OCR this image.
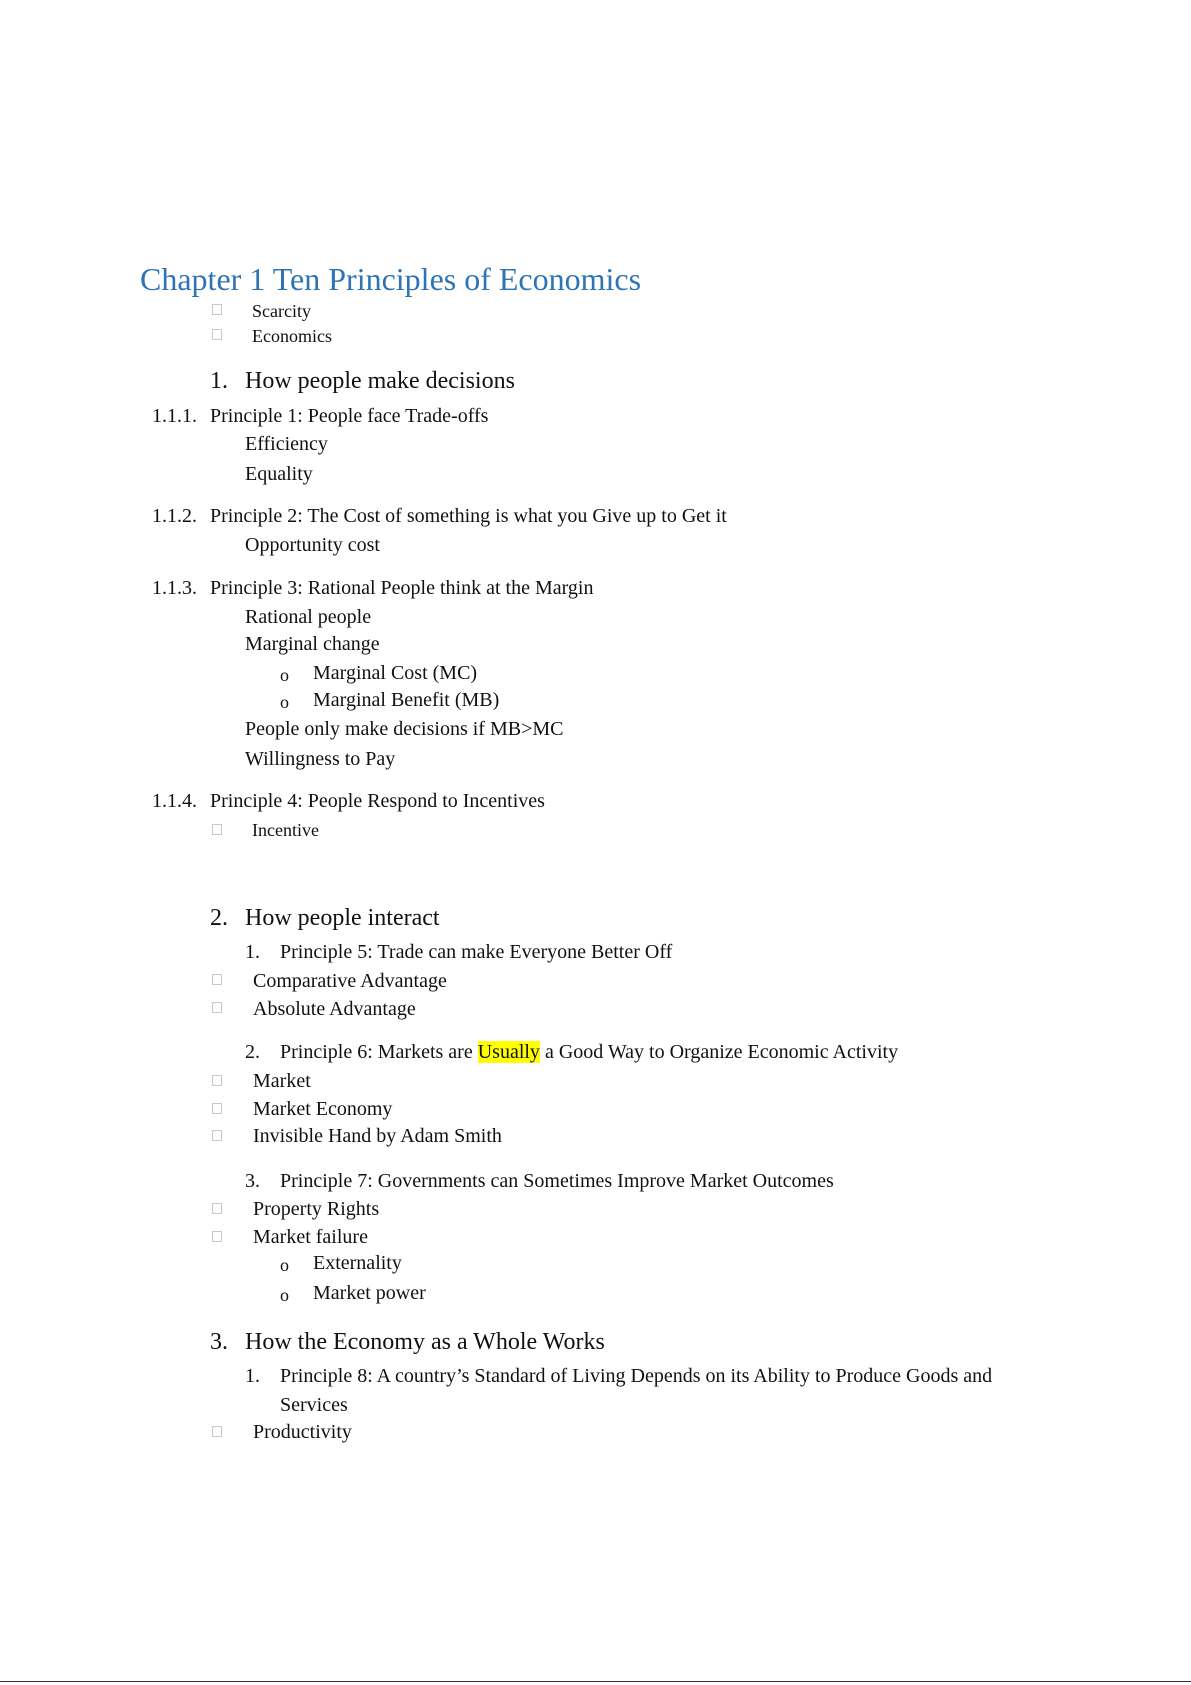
Chapter 1 Ten Principles of Economics
Scarcity
Economics
1. How people make decisions
1.1.1. Principle 1: People face Trade-offs
Efficiency
Equality
1.1.2. Principle 2: The Cost of something is what you Give up to Get it
Opportunity cost
1.1.3. Principle 3: Rational People think at the Margin
Rational people
Marginal change
o Marginal Cost (MC)
o Marginal Benefit (MB)
People only make decisions if MB>MC
Willingness to Pay
1.1.4. Principle 4: People Respond to Incentives
Incentive
2. How people interact
1. Principle 5: Trade can make Everyone Better Off
Comparative Advantage
Absolute Advantage
2. Principle 6: Markets are Usually a Good Way to Organize Economic Activity
Market
Market Economy
Invisible Hand by Adam Smith
3. Principle 7: Governments can Sometimes Improve Market Outcomes
Property Rights
Market failure
o Externality
o Market power
3. How the Economy as a Whole Works
1. Principle 8: A country’s Standard of Living Depends on its Ability to Produce Goods and
Services
Productivity
